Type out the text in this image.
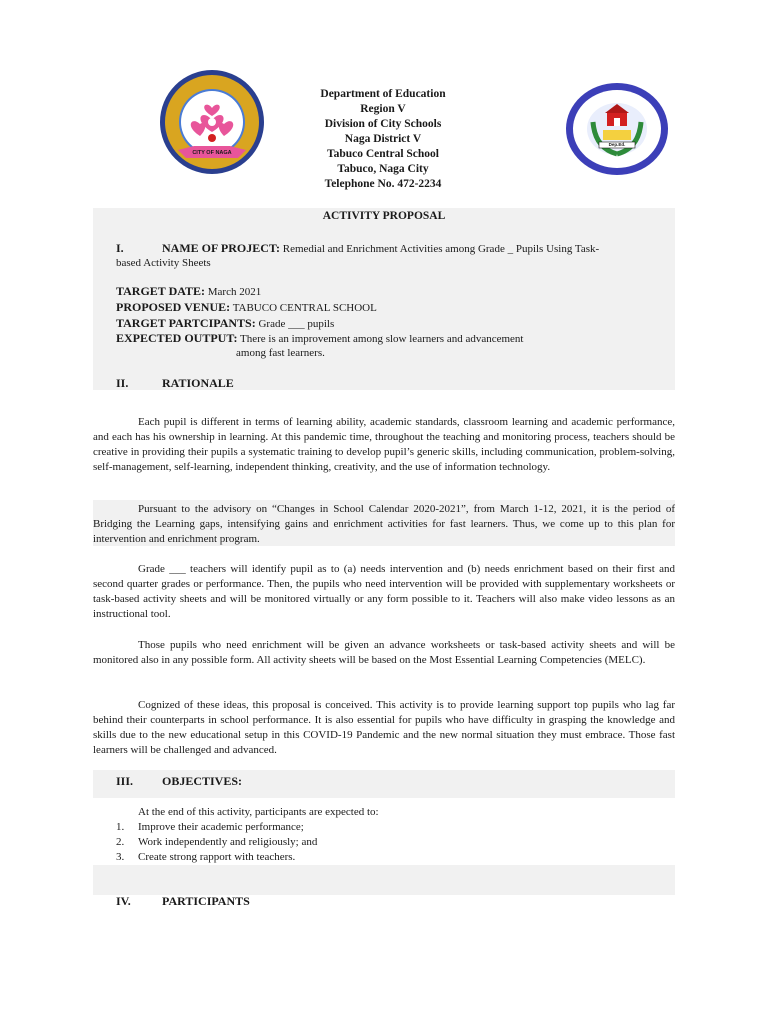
CITY OF NAGA
Dep.Ed.
CITY OF NAGA
Department of Education
Region V
Division of City Schools
Naga District V
Tabuco Central School
Tabuco, Naga City
Telephone No. 472-2234
ACTIVITY PROPOSAL
I.	NAME OF PROJECT: Remedial and Enrichment Activities among Grade _ Pupils Using Task-
based Activity Sheets
TARGET DATE: March 2021
PROPOSED VENUE: TABUCO CENTRAL SCHOOL
TARGET PARTCIPANTS: Grade ___ pupils
EXPECTED OUTPUT: There is an improvement among slow learners and advancement
among fast learners.
II.	RATIONALE
Each pupil is different in terms of learning ability, academic standards, classroom learning and academic performance, and each has his ownership in learning. At this pandemic time, throughout the teaching and monitoring process, teachers should be creative in providing their pupils a systematic training to develop pupil’s generic skills, including communication, problem-solving, self-management, self-learning, independent thinking, creativity, and the use of information technology.
Pursuant to the advisory on “Changes in School Calendar 2020-2021”, from March 1-12, 2021, it is the period of Bridging the Learning gaps, intensifying gains and enrichment activities for fast learners. Thus, we come up to this plan for intervention and enrichment program.
Grade ___ teachers will identify pupil as to (a) needs intervention and (b) needs enrichment based on their first and second quarter grades or performance. Then, the pupils who need intervention will be provided with supplementary worksheets or task-based activity sheets and will be monitored virtually or any form possible to it. Teachers will also make video lessons as an instructional tool.
Those pupils who need enrichment will be given an advance worksheets or task-based activity sheets and will be monitored also in any possible form. All activity sheets will be based on the Most Essential Learning Competencies (MELC).
Cognized of these ideas, this proposal is conceived. This activity is to provide learning support top pupils who lag far behind their counterparts in school performance. It is also essential for pupils who have difficulty in grasping the knowledge and skills due to the new educational setup in this COVID-19 Pandemic and the new normal situation they must embrace. Those fast learners will be challenged and advanced.
III. OBJECTIVES:
At the end of this activity, participants are expected to:
1. Improve their academic performance;
2. Work independently and religiously; and
3. Create strong rapport with teachers.
IV.	PARTICIPANTS
